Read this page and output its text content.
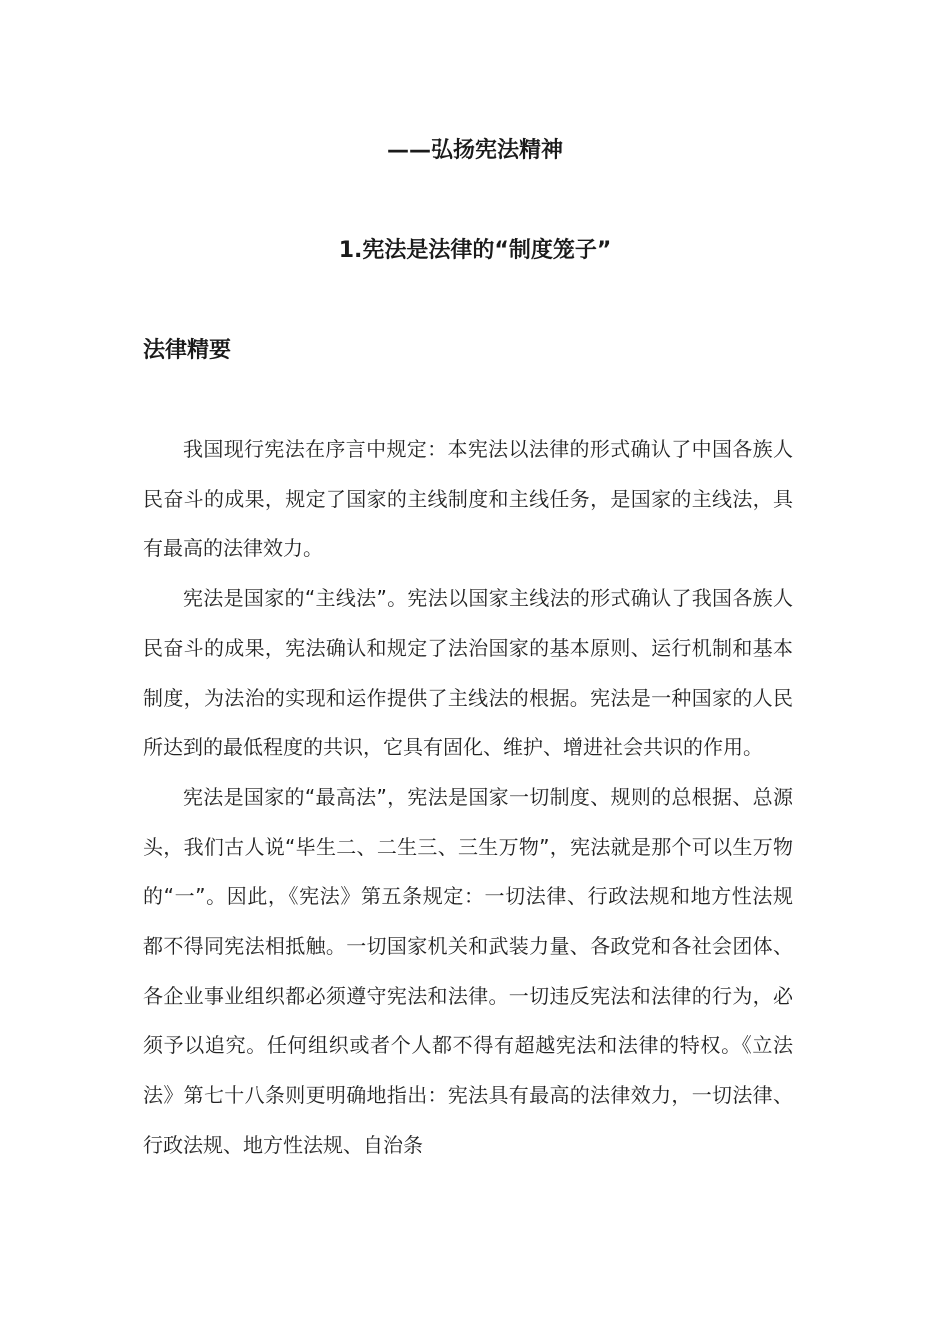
——弘扬宪法精神
1.宪法是法律的“制度笼子”
法律精要

我国现行宪法在序言中规定：本宪法以法律的形式确认了中国各族人民奋斗的成果，规定了国家的主线制度和主线任务，是国家的主线法，具有最高的法律效力。

宪法是国家的“主线法”。宪法以国家主线法的形式确认了我国各族人民奋斗的成果，宪法确认和规定了法治国家的基本原则、运行机制和基本制度，为法治的实现和运作提供了主线法的根据。宪法是一种国家的人民所达到的最低程度的共识，它具有固化、维护、增进社会共识的作用。

宪法是国家的“最高法”，宪法是国家一切制度、规则的总根据、总源头，我们古人说“毕生二、二生三、三生万物”，宪法就是那个可以生万物的“一”。因此，《宪法》第五条规定：一切法律、行政法规和地方性法规都不得同宪法相抵触。一切国家机关和武装力量、各政党和各社会团体、各企业事业组织都必须遵守宪法和法律。一切违反宪法和法律的行为，必须予以追究。任何组织或者个人都不得有超越宪法和法律的特权。《立法法》第七十八条则更明确地指出：宪法具有最高的法律效力，一切法律、行政法规、地方性法规、自治条
